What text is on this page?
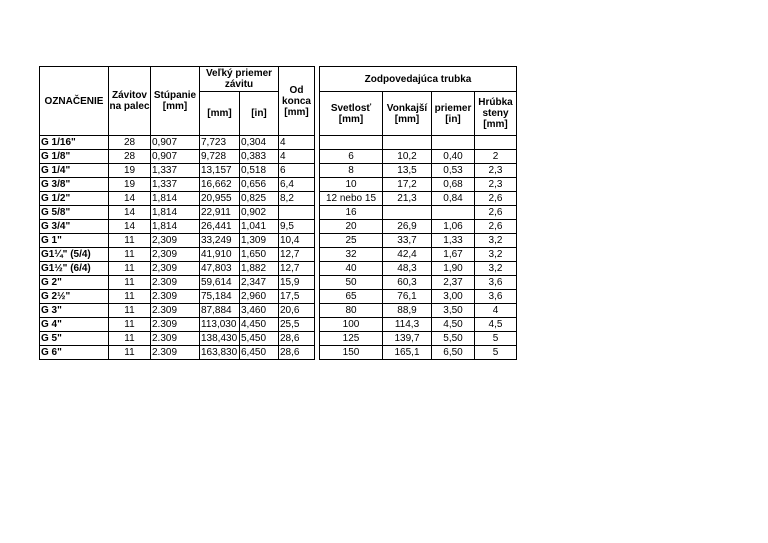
OZNAČENIE	Závitov na palec	Stúpanie [mm]	Veľký priemer závitu		Od konca [mm]		Zodpovedajúca trubka			
			[mm]	[in]			Svetlosť [mm]	Vonkajší [mm]	priemer [in]	Hrúbka steny [mm]
G 1/16"	28	0,907	7,723	0,304	4					
G 1/8"	28	0,907	9,728	0,383	4		6	10,2	0,40	2
G 1/4"	19	1,337	13,157	0,518	6		8	13,5	0,53	2,3
G 3/8"	19	1,337	16,662	0,656	6,4		10	17,2	0,68	2,3
G 1/2"	14	1,814	20,955	0,825	8,2		12 nebo 15	21,3	0,84	2,6
G 5/8"	14	1,814	22,911	0,902			16			2,6
G 3/4"	14	1,814	26,441	1,041	9,5		20	26,9	1,06	2,6
G 1"	11	2,309	33,249	1,309	10,4		25	33,7	1,33	3,2
G1¼" (5/4)	11	2,309	41,910	1,650	12,7		32	42,4	1,67	3,2
G1½" (6/4)	11	2,309	47,803	1,882	12,7		40	48,3	1,90	3,2
G 2"	11	2.309	59,614	2,347	15,9		50	60,3	2,37	3,6
G 2½"	11	2.309	75,184	2,960	17,5		65	76,1	3,00	3,6
G 3"	11	2.309	87,884	3,460	20,6		80	88,9	3,50	4
G 4"	11	2.309	113,030	4,450	25,5		100	114,3	4,50	4,5
G 5"	11	2.309	138,430	5,450	28,6		125	139,7	5,50	5
G 6"	11	2.309	163,830	6,450	28,6		150	165,1	6,50	5
